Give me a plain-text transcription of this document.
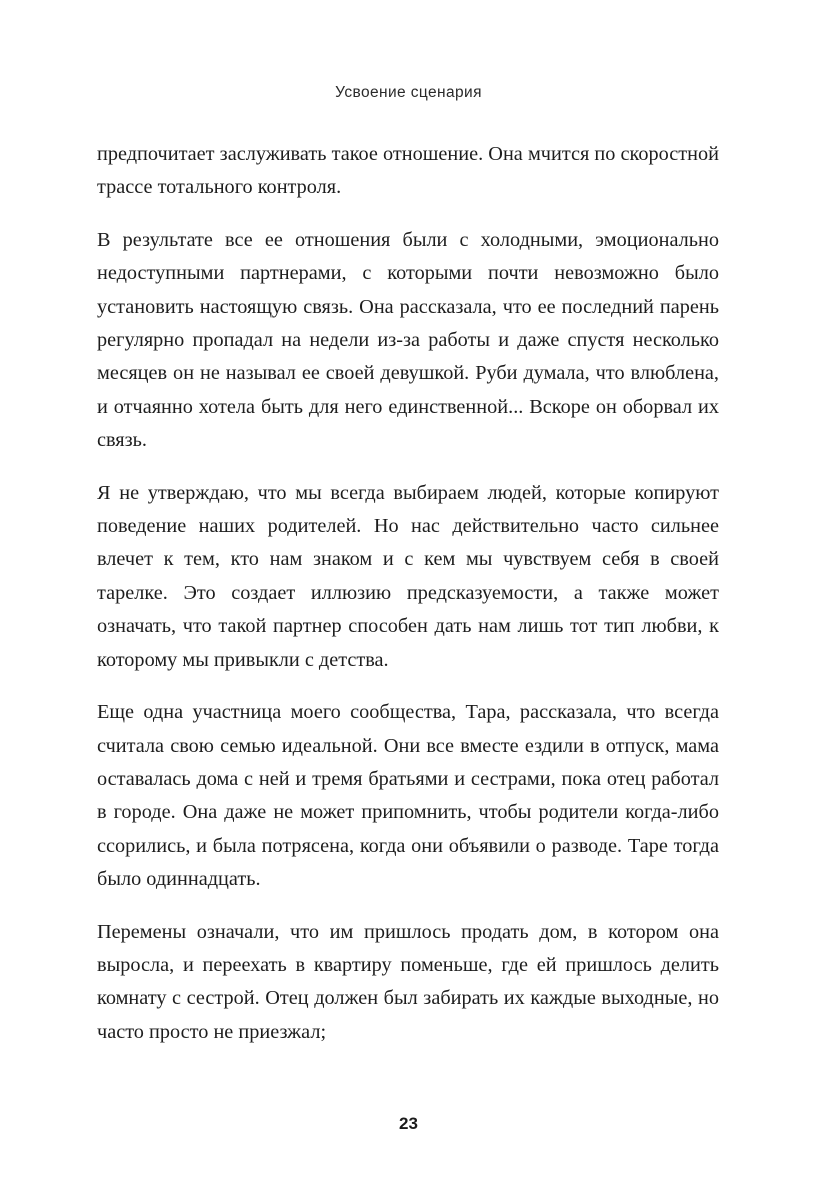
Усвоение сценария

предпочитает заслуживать такое отношение. Она мчится по скоростной трассе тотального контроля.

В результате все ее отношения были с холодными, эмоционально недоступными партнерами, с которыми почти невозможно было установить настоящую связь. Она рассказала, что ее последний парень регулярно пропадал на недели из-за работы и даже спустя несколько месяцев он не называл ее своей девушкой. Руби думала, что влюблена, и отчаянно хотела быть для него единственной... Вскоре он оборвал их связь.

Я не утверждаю, что мы всегда выбираем людей, которые копируют поведение наших родителей. Но нас действительно часто сильнее влечет к тем, кто нам знаком и с кем мы чувствуем себя в своей тарелке. Это создает иллюзию предсказуемости, а также может означать, что такой партнер способен дать нам лишь тот тип любви, к которому мы привыкли с детства.

Еще одна участница моего сообщества, Тара, рассказала, что всегда считала свою семью идеальной. Они все вместе ездили в отпуск, мама оставалась дома с ней и тремя братьями и сестрами, пока отец работал в городе. Она даже не может припомнить, чтобы родители когда-либо ссорились, и была потрясена, когда они объявили о разводе. Таре тогда было одиннадцать.

Перемены означали, что им пришлось продать дом, в котором она выросла, и переехать в квартиру поменьше, где ей пришлось делить комнату с сестрой. Отец должен был забирать их каждые выходные, но часто просто не приезжал;

23
